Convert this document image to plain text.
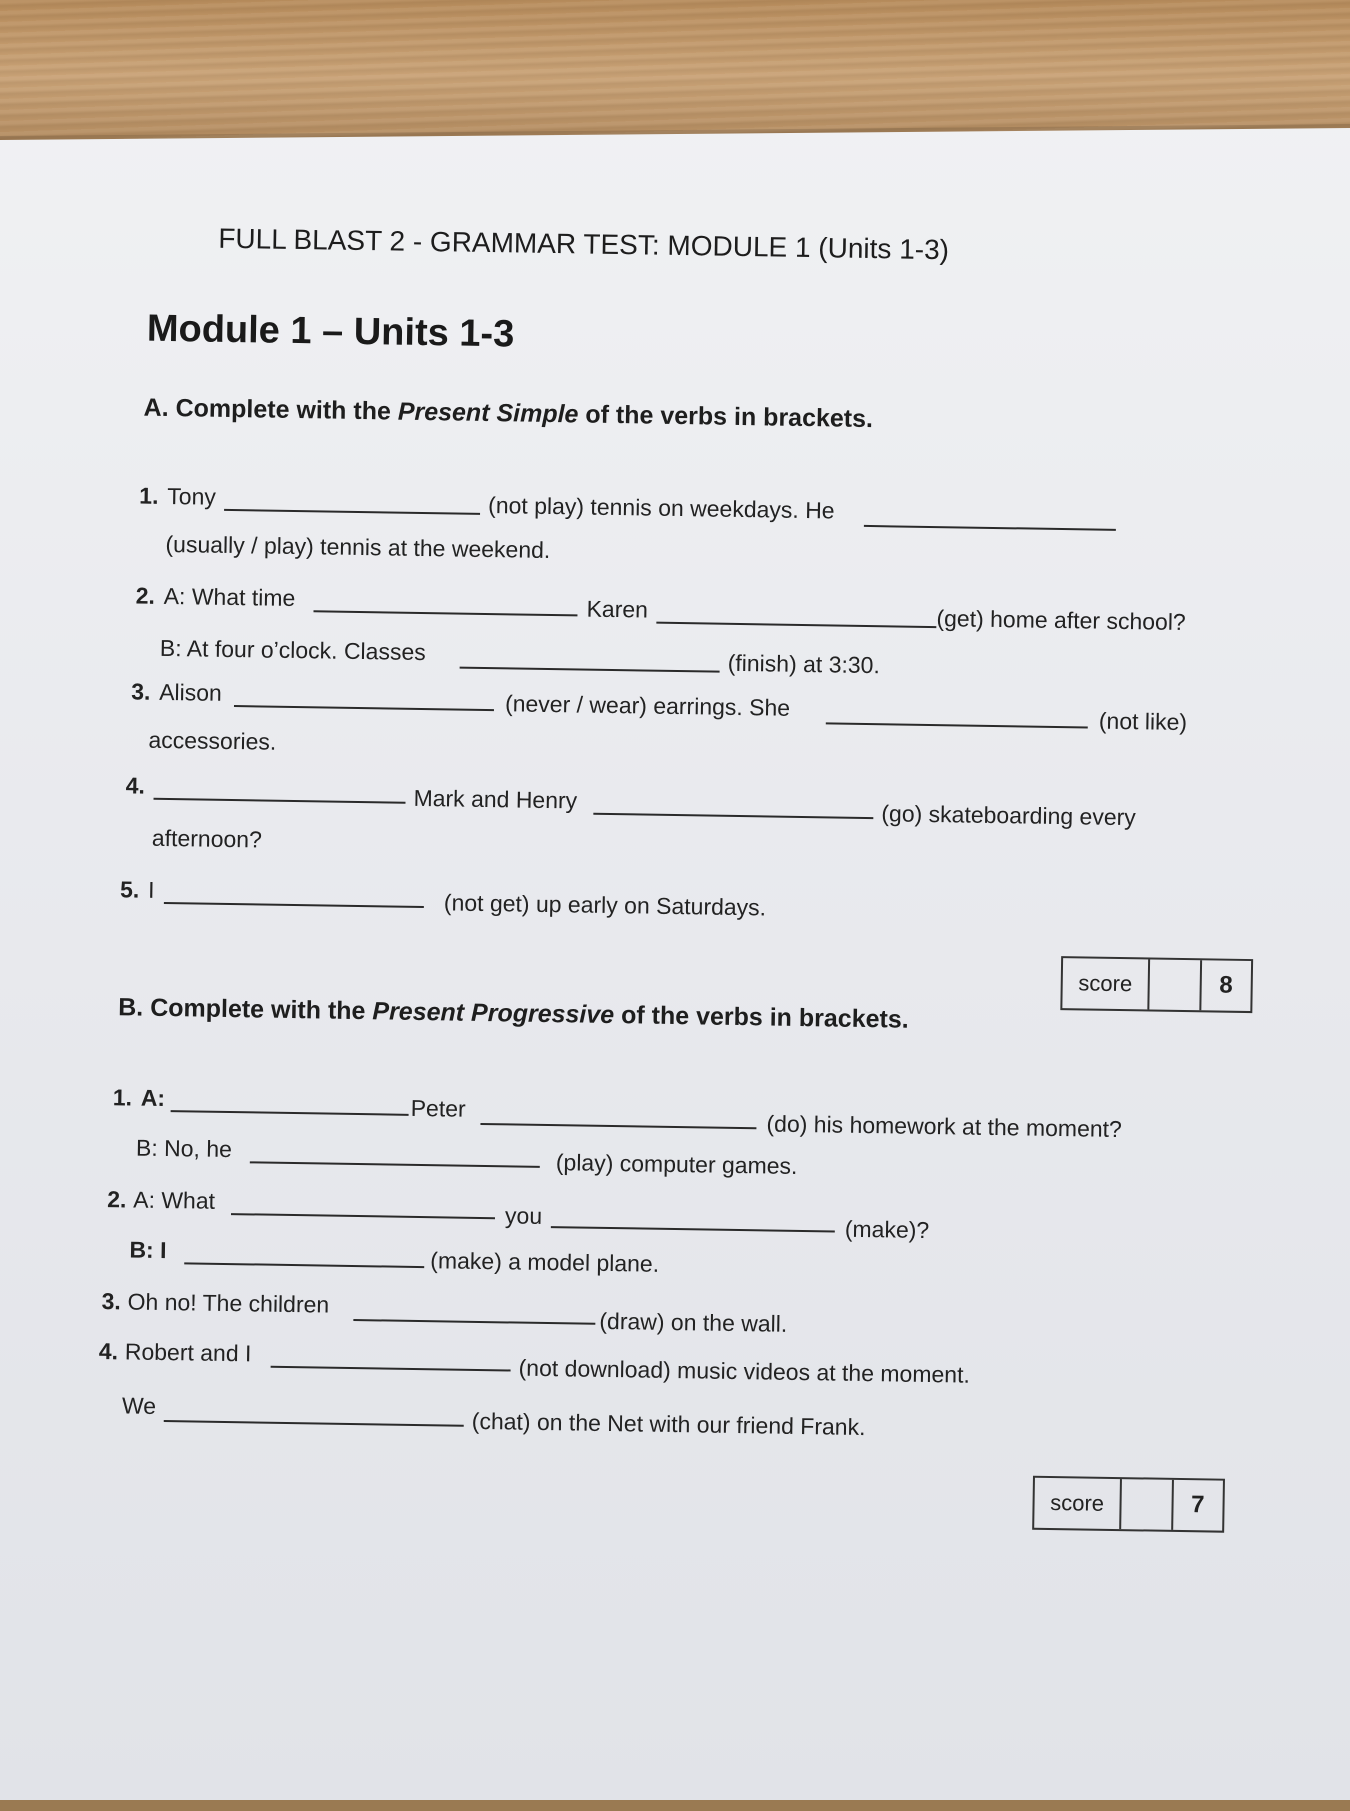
FULL BLAST 2 - GRAMMAR TEST: MODULE 1 (Units 1-3)
Module 1 – Units 1-3
A. Complete with the Present Simple of the verbs in brackets.
1. Tony	(not play) tennis on weekdays. He
(usually / play) tennis at the weekend.
2. A: What time	Karen	(get) home after school?
B: At four o’clock. Classes	(finish) at 3:30.
3. Alison	(never / wear) earrings. She
(not like)
accessories.
4.	Mark and Henry
(go) skateboarding every
afternoon?
5. I	(not get) up early on Saturdays.
score	8
B. Complete with the Present Progressive of the verbs in brackets.
1. A:	Peter
(do) his homework at the moment?
B: No, he
(play) computer games.
2. A: What
you
(make)?
B: I	(make) a model plane.
3. Oh no! The children
(draw) on the wall.
4. Robert and I
(not download) music videos at the moment.
We
(chat) on the Net with our friend Frank.
score	7
